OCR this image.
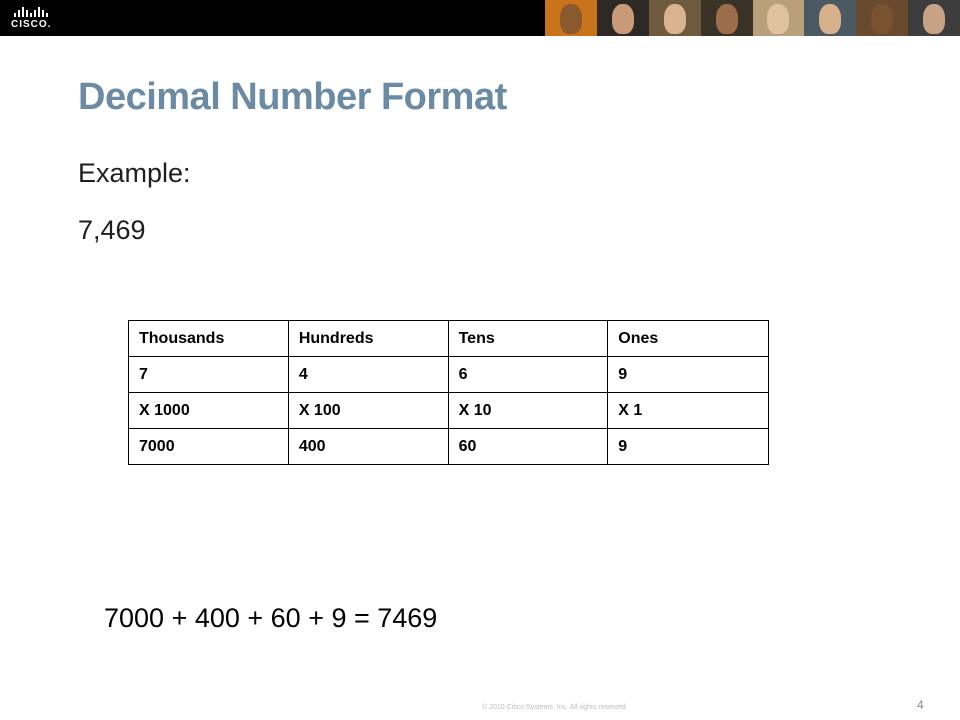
CISCO.
Decimal Number Format
Example:
7,469
Thousands	Hundreds	Tens	Ones
7	4	6	9
X 1000	X 100	X 10	X 1
7000	400	60	9
7000 + 400 + 60 + 9 = 7469
© 2010 Cisco Systems, Inc. All rights reserved.	4
